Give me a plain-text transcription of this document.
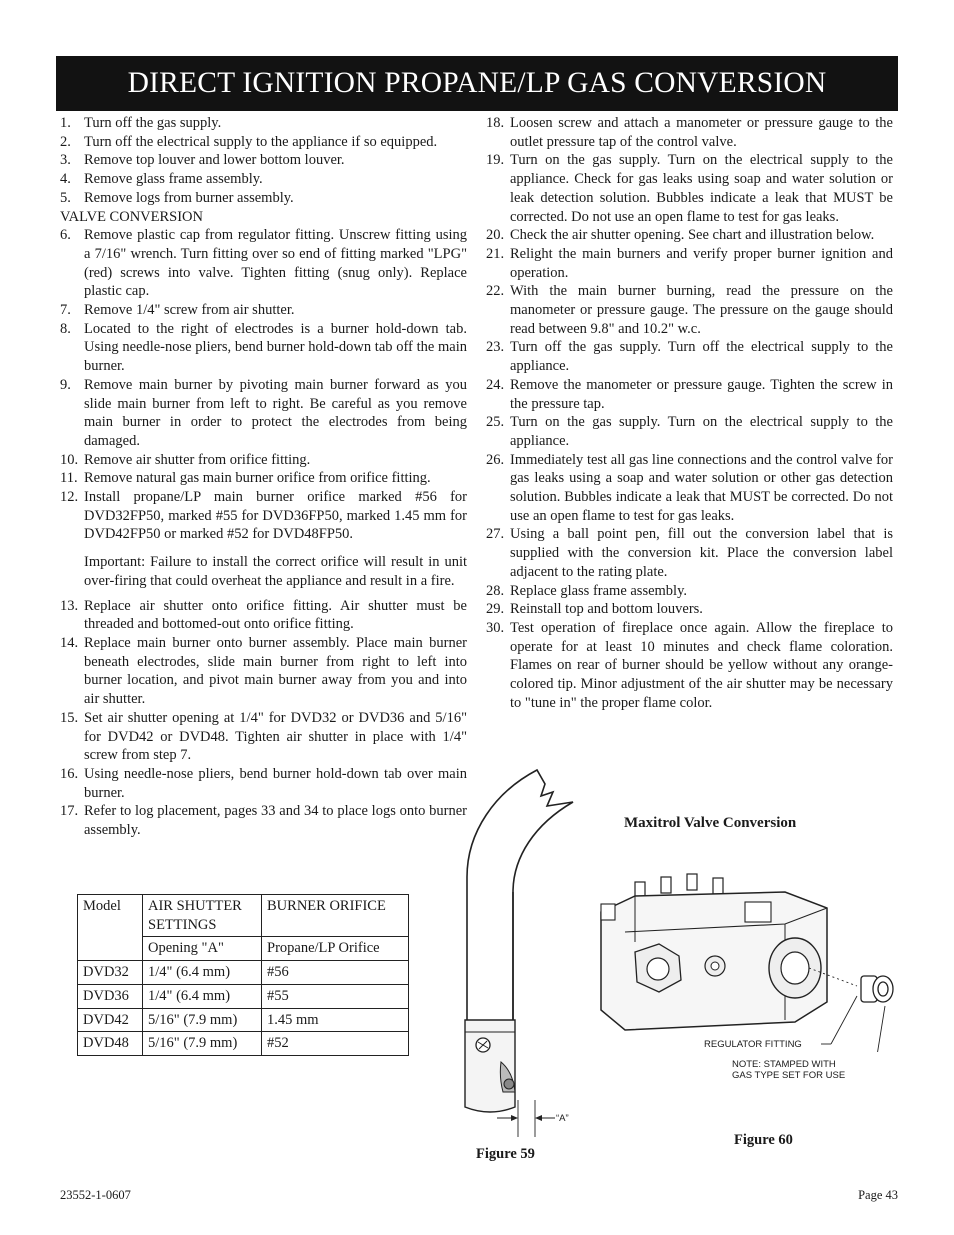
DIRECT IGNITION PROPANE/LP GAS CONVERSION
1. Turn off the gas supply.
2. Turn off the electrical supply to the appliance if so equipped.
3. Remove top louver and lower bottom louver.
4. Remove glass frame assembly.
5. Remove logs from burner assembly.
VALVE CONVERSION
6. Remove plastic cap from regulator fitting. Unscrew fitting using a 7/16" wrench. Turn fitting over so end of fitting marked "LPG" (red) screws into valve. Tighten fitting (snug only). Replace plastic cap.
7. Remove 1/4" screw from air shutter.
8. Located to the right of electrodes is a burner hold-down tab. Using needle-nose pliers, bend burner hold-down tab off the main burner.
9. Remove main burner by pivoting main burner forward as you slide main burner from left to right. Be careful as you remove main burner in order to protect the electrodes from being damaged.
10. Remove air shutter from orifice fitting.
11. Remove natural gas main burner orifice from orifice fitting.
12. Install propane/LP main burner orifice marked #56 for DVD32FP50, marked #55 for DVD36FP50, marked 1.45 mm for DVD42FP50 or marked #52 for DVD48FP50.
Important: Failure to install the correct orifice will result in unit over-firing that could overheat the appliance and result in a fire.
13. Replace air shutter onto orifice fitting. Air shutter must be threaded and bottomed-out onto orifice fitting.
14. Replace main burner onto burner assembly. Place main burner beneath electrodes, slide main burner from right to left into burner location, and pivot main burner away from you and into air shutter.
15. Set air shutter opening at 1/4" for DVD32 or DVD36 and 5/16" for DVD42 or DVD48. Tighten air shutter in place with 1/4" screw from step 7.
16. Using needle-nose pliers, bend burner hold-down tab over main burner.
17. Refer to log placement, pages 33 and 34 to place logs onto burner assembly.
18. Loosen screw and attach a manometer or pressure gauge to the outlet pressure tap of the control valve.
19. Turn on the gas supply. Turn on the electrical supply to the appliance. Check for gas leaks using soap and water solution or leak detection solution. Bubbles indicate a leak that MUST be corrected. Do not use an open flame to test for gas leaks.
20. Check the air shutter opening. See chart and illustration below.
21. Relight the main burners and verify proper burner ignition and operation.
22. With the main burner burning, read the pressure on the manometer or pressure gauge. The pressure on the gauge should read between 9.8" and 10.2" w.c.
23. Turn off the gas supply. Turn off the electrical supply to the appliance.
24. Remove the manometer or pressure gauge. Tighten the screw in the pressure tap.
25. Turn on the gas supply. Turn on the electrical supply to the appliance.
26. Immediately test all gas line connections and the control valve for gas leaks using a soap and water solution or other gas detection solution. Bubbles indicate a leak that MUST be corrected. Do not use an open flame to test for gas leaks.
27. Using a ball point pen, fill out the conversion label that is supplied with the conversion kit. Place the conversion label adjacent to the rating plate.
28. Replace glass frame assembly.
29. Reinstall top and bottom louvers.
30. Test operation of fireplace once again. Allow the fireplace to operate for at least 10 minutes and check flame coloration. Flames on rear of burner should be yellow without any orange-colored tip. Minor adjustment of the air shutter may be necessary to "tune in" the proper flame color.
Model	AIR SHUTTER SETTINGS	BURNER ORIFICE
	Opening "A"	Propane/LP Orifice
DVD32	1/4" (6.4 mm)	#56
DVD36	1/4" (6.4 mm)	#55
DVD42	5/16" (7.9 mm)	1.45 mm
DVD48	5/16" (7.9 mm)	#52
“A”
Maxitrol Valve Conversion
REGULATOR FITTING
NOTE: STAMPED WITH
GAS TYPE SET FOR USE
Figure 59
Figure 60
23552-1-0607	Page 43
